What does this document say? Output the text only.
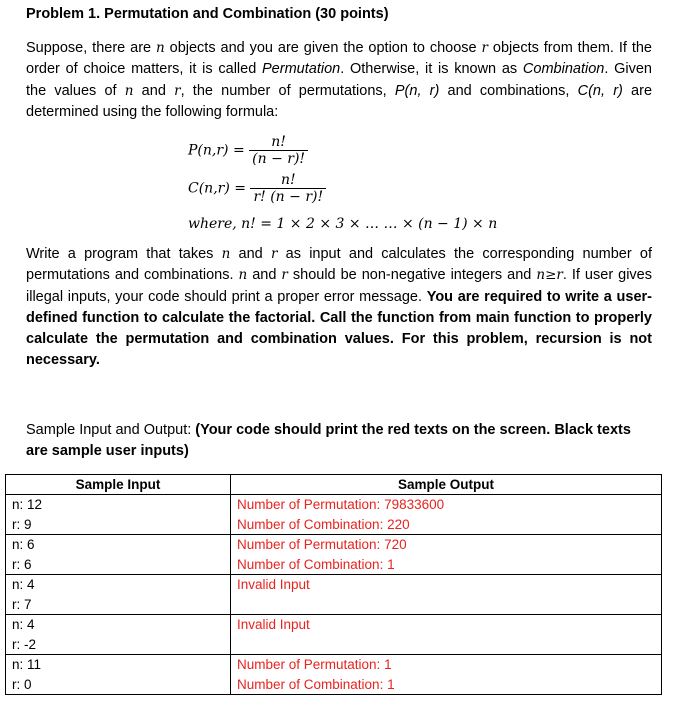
Problem 1. Permutation and Combination (30 points)
Suppose, there are n objects and you are given the option to choose r objects from them. If the order of choice matters, it is called Permutation. Otherwise, it is known as Combination. Given the values of n and r, the number of permutations, P(n, r) and combinations, C(n, r) are determined using the following formula:
$P(n,r) = \frac{n!}{(n - r)!}$
$C(n,r) = \frac{n!}{r! (n - r)!}$
where, n! = 1 × 2 × 3 × … … × (n − 1) × n
Write a program that takes n and r as input and calculates the corresponding number of permutations and combinations. n and r should be non-negative integers and n≥r. If user gives illegal inputs, your code should print a proper error message. You are required to write a user-defined function to calculate the factorial. Call the function from main function to properly calculate the permutation and combination values. For this problem, recursion is not necessary.
Sample Input and Output: (Your code should print the red texts on the screen. Black texts are sample user inputs)
Sample Input	Sample Output

n: 12
r: 9	Number of Permutation: 79833600
Number of Combination: 220

n: 6
r: 6	Number of Permutation: 720
Number of Combination: 1

n: 4
r: 7	Invalid Input

n: 4
r: -2	Invalid Input

n: 11
r: 0	Number of Permutation: 1
Number of Combination: 1
